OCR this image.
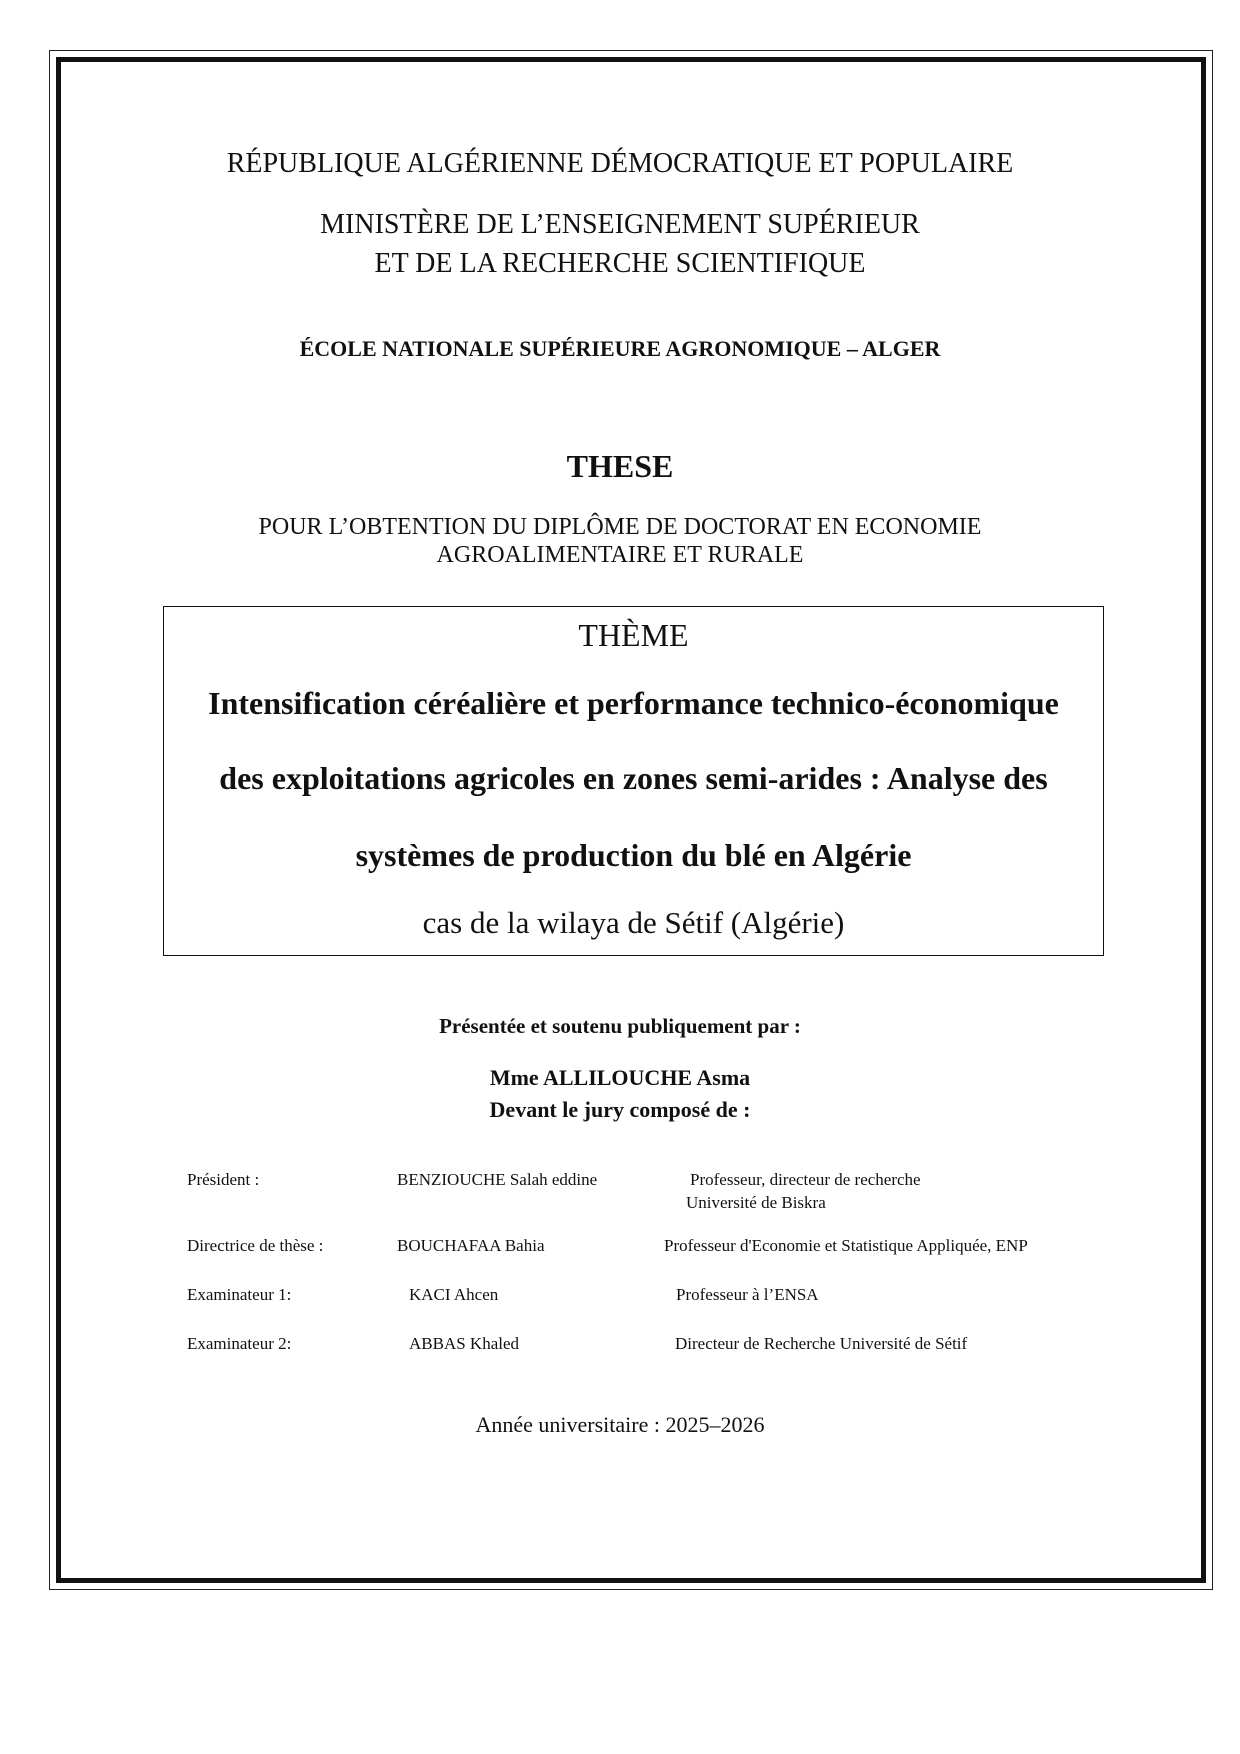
RÉPUBLIQUE ALGÉRIENNE DÉMOCRATIQUE ET POPULAIRE
MINISTÈRE DE L’ENSEIGNEMENT SUPÉRIEUR
ET DE LA RECHERCHE SCIENTIFIQUE
ÉCOLE NATIONALE SUPÉRIEURE AGRONOMIQUE – ALGER
THESE
POUR L’OBTENTION DU DIPLÔME DE DOCTORAT EN ECONOMIE
AGROALIMENTAIRE ET RURALE
THÈME
Intensification céréalière et performance technico-économique
des exploitations agricoles en zones semi-arides : Analyse des
systèmes de production du blé en Algérie
cas de la wilaya de Sétif (Algérie)
Présentée et soutenu publiquement par :
Mme ALLILOUCHE Asma
Devant le jury composé de :
Président :	BENZIOUCHE Salah eddine	Professeur, directeur de recherche
Université de Biskra
Directrice de thèse :	BOUCHAFAA Bahia	Professeur d'Economie et Statistique Appliquée, ENP
Examinateur 1:	KACI Ahcen	Professeur à l’ENSA
Examinateur 2:	ABBAS Khaled	Directeur de Recherche Université de Sétif
Année universitaire : 2025–2026
